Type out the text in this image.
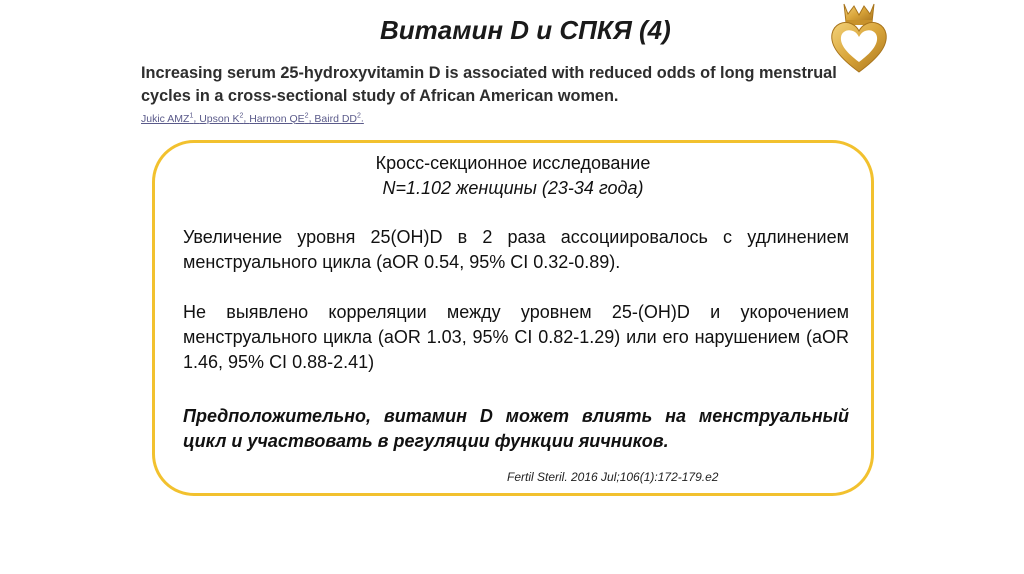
Витамин D и СПКЯ (4)
Increasing serum 25-hydroxyvitamin D is associated with reduced odds of long menstrual cycles in a cross-sectional study of African American women.
Jukic AMZ$^1$, Upson $K^2$, Harmon $QE^2$, Baird $DD^2$.
Кросс-секционное исследование
N=1.102 женщины (23-34 года)
Увеличение уровня 25(OH)D в 2 раза ассоциировалось с удлинением менструального цикла (aOR 0.54, 95% CI 0.32-0.89).
Не выявлено корреляции между уровнем 25-(OH)D и укорочением менструального цикла (aOR 1.03, 95% CI 0.82-1.29) или его нарушением (aOR 1.46, 95% CI 0.88-2.41)
Предположительно, витамин D может влиять на менструальный цикл и участвовать в регуляции функции яичников.
Fertil Steril. 2016 Jul;106(1):172-179.e2
